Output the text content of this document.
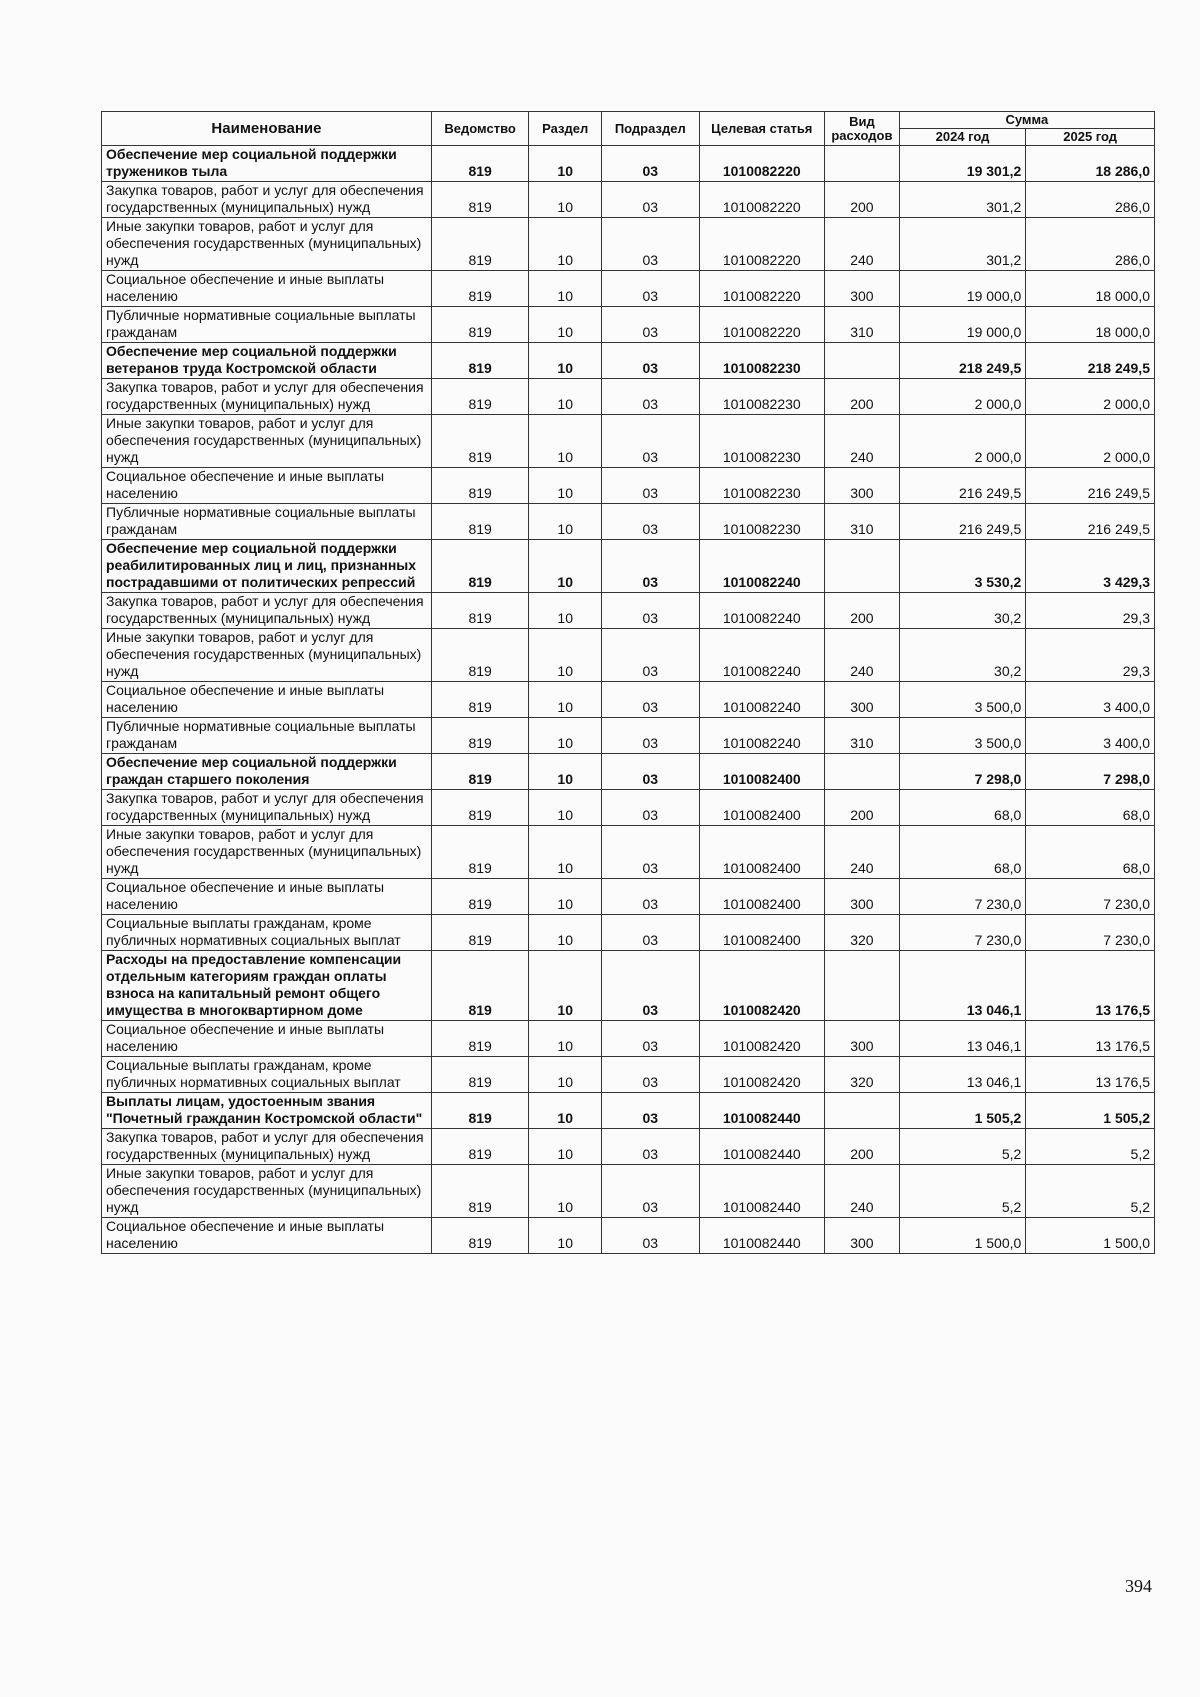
Наименование	Ведомство	Раздел	Подраздел	Целевая статья	Вид расходов	Сумма	
						2024 год	2025 год
Обеспечение мер социальной поддержки тружеников тыла	819	10	03	1010082220		19 301,2	18 286,0
Закупка товаров, работ и услуг для обеспечения государственных (муниципальных) нужд	819	10	03	1010082220	200	301,2	286,0
Иные закупки товаров, работ и услуг для обеспечения государственных (муниципальных) нужд	819	10	03	1010082220	240	301,2	286,0
Социальное обеспечение и иные выплаты населению	819	10	03	1010082220	300	19 000,0	18 000,0
Публичные нормативные социальные выплаты гражданам	819	10	03	1010082220	310	19 000,0	18 000,0
Обеспечение мер социальной поддержки ветеранов труда Костромской области	819	10	03	1010082230		218 249,5	218 249,5
Закупка товаров, работ и услуг для обеспечения государственных (муниципальных) нужд	819	10	03	1010082230	200	2 000,0	2 000,0
Иные закупки товаров, работ и услуг для обеспечения государственных (муниципальных) нужд	819	10	03	1010082230	240	2 000,0	2 000,0
Социальное обеспечение и иные выплаты населению	819	10	03	1010082230	300	216 249,5	216 249,5
Публичные нормативные социальные выплаты гражданам	819	10	03	1010082230	310	216 249,5	216 249,5
Обеспечение мер социальной поддержки реабилитированных лиц и лиц, признанных пострадавшими от политических репрессий	819	10	03	1010082240		3 530,2	3 429,3
Закупка товаров, работ и услуг для обеспечения государственных (муниципальных) нужд	819	10	03	1010082240	200	30,2	29,3
Иные закупки товаров, работ и услуг для обеспечения государственных (муниципальных) нужд	819	10	03	1010082240	240	30,2	29,3
Социальное обеспечение и иные выплаты населению	819	10	03	1010082240	300	3 500,0	3 400,0
Публичные нормативные социальные выплаты гражданам	819	10	03	1010082240	310	3 500,0	3 400,0
Обеспечение мер социальной поддержки граждан старшего поколения	819	10	03	1010082400		7 298,0	7 298,0
Закупка товаров, работ и услуг для обеспечения государственных (муниципальных) нужд	819	10	03	1010082400	200	68,0	68,0
Иные закупки товаров, работ и услуг для обеспечения государственных (муниципальных) нужд	819	10	03	1010082400	240	68,0	68,0
Социальное обеспечение и иные выплаты населению	819	10	03	1010082400	300	7 230,0	7 230,0
Социальные выплаты гражданам, кроме публичных нормативных социальных выплат	819	10	03	1010082400	320	7 230,0	7 230,0
Расходы на предоставление компенсации отдельным категориям граждан оплаты взноса на капитальный ремонт общего имущества в многоквартирном доме	819	10	03	1010082420		13 046,1	13 176,5
Социальное обеспечение и иные выплаты населению	819	10	03	1010082420	300	13 046,1	13 176,5
Социальные выплаты гражданам, кроме публичных нормативных социальных выплат	819	10	03	1010082420	320	13 046,1	13 176,5
Выплаты лицам, удостоенным звания "Почетный гражданин Костромской области"	819	10	03	1010082440		1 505,2	1 505,2
Закупка товаров, работ и услуг для обеспечения государственных (муниципальных) нужд	819	10	03	1010082440	200	5,2	5,2
Иные закупки товаров, работ и услуг для обеспечения государственных (муниципальных) нужд	819	10	03	1010082440	240	5,2	5,2
Социальное обеспечение и иные выплаты населению	819	10	03	1010082440	300	1 500,0	1 500,0
394
